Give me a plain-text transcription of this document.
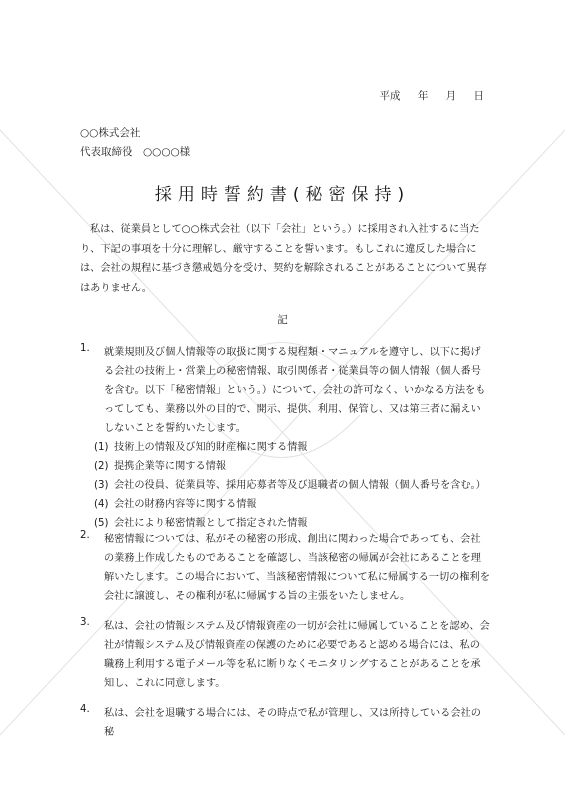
平成 年 月 日
○○株式会社
代表取締役　○○○○様
採用時誓約書(秘密保持)

私は、従業員として○○株式会社（以下「会社」という。）に採用され入社するに当たり、下記の事項を十分に理解し、厳守することを誓います。もしこれに違反した場合には、会社の規程に基づき懲戒処分を受け、契約を解除されることがあることについて異存はありません。

記
1. 就業規則及び個人情報等の取扱に関する規程類・マニュアルを遵守し、以下に掲げる会社の技術上・営業上の秘密情報、取引関係者・従業員等の個人情報（個人番号を含む。以下「秘密情報」という。）について、会社の許可なく、いかなる方法をもってしても、業務以外の目的で、開示、提供、利用、保管し、又は第三者に漏えいしないことを誓約いたします。
(1) 技術上の情報及び知的財産権に関する情報
(2) 提携企業等に関する情報
(3) 会社の役員、従業員等、採用応募者等及び退職者の個人情報（個人番号を含む。）
(4) 会社の財務内容等に関する情報
(5) 会社により秘密情報として指定された情報
2. 秘密情報については、私がその秘密の形成、創出に関わった場合であっても、会社の業務上作成したものであることを確認し、当該秘密の帰属が会社にあることを理解いたします。この場合において、当該秘密情報について私に帰属する一切の権利を会社に譲渡し、その権利が私に帰属する旨の主張をいたしません。
3. 私は、会社の情報システム及び情報資産の一切が会社に帰属していることを認め、会社が情報システム及び情報資産の保護のために必要であると認める場合には、私の職務上利用する電子メール等を私に断りなくモニタリングすることがあることを承知し、これに同意します。
4. 私は、会社を退職する場合には、その時点で私が管理し、又は所持している会社の秘
